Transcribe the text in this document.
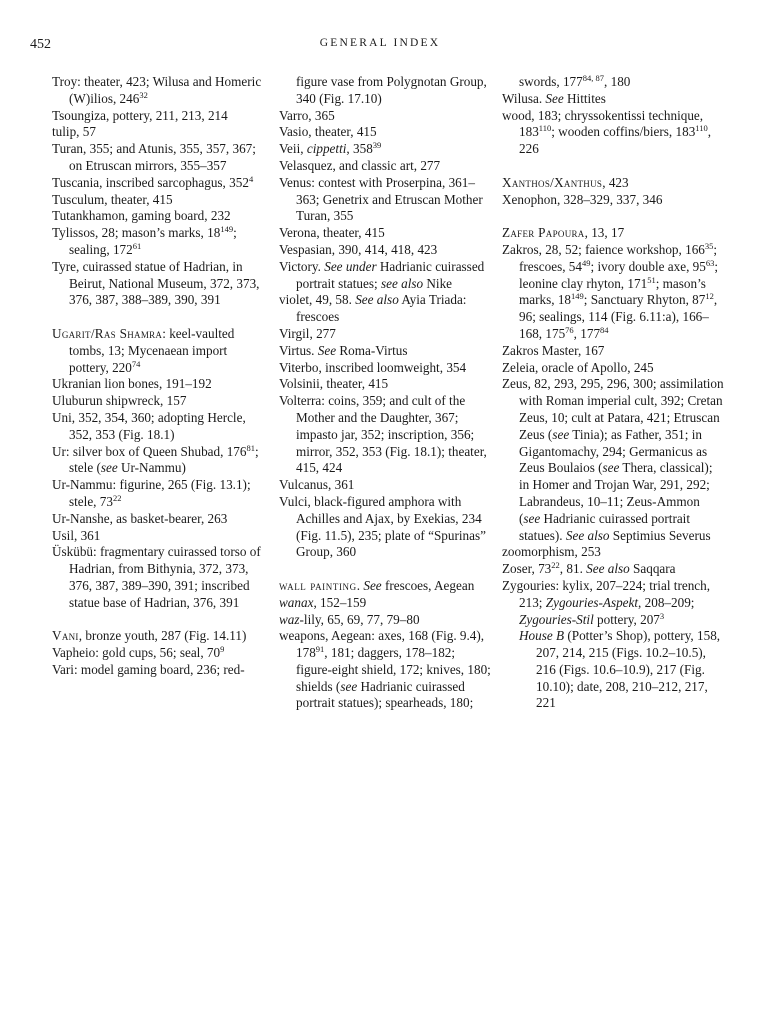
452	GENERAL INDEX

Troy: theater, 423; Wilusa and Homeric (W)ilios, $246^{32}$

Tsoungiza, pottery, 211, 213, 214

tulip, 57

Turan, 355; and Atunis, 355, 357, 367; on Etruscan mirrors, 355–357

Tuscania, inscribed sarcophagus, $352^4$

Tusculum, theater, 415

Tutankhamon, gaming board, 232

Tylissos, 28; mason’s marks, $18^{149}$; sealing, $172^{61}$

Tyre, cuirassed statue of Hadrian, in Beirut, National Museum, 372, 373, 376, 387, 388–389, 390, 391

Ugarit/Ras Shamra: keel-vaulted tombs, 13; Mycenaean import pottery, $220^{74}$

Ukranian lion bones, 191–192

Uluburun shipwreck, 157

Uni, 352, 354, 360; adopting Hercle, 352, 353 (Fig. 18.1)

Ur: silver box of Queen Shubad, $176^{81}$; stele (see Ur-Nammu)

Ur-Nammu: figurine, 265 (Fig. 13.1); stele, $73^{22}$

Ur-Nanshe, as basket-bearer, 263

Usil, 361

Üskübü: fragmentary cuirassed torso of Hadrian, from Bithynia, 372, 373, 376, 387, 389–390, 391; inscribed statue base of Hadrian, 376, 391

Vani, bronze youth, 287 (Fig. 14.11)

Vapheio: gold cups, 56; seal, $70^9$

Vari: model gaming board, 236; red-

figure vase from Polygnotan Group, 340 (Fig. 17.10)

Varro, 365

Vasio, theater, 415

Veii, cippetti, $358^{39}$

Velasquez, and classic art, 277

Venus: contest with Proserpina, 361–363; Genetrix and Etruscan Mother Turan, 355

Verona, theater, 415

Vespasian, 390, 414, 418, 423

Victory. See under Hadrianic cuirassed portrait statues; see also Nike

violet, 49, 58. See also Ayia Triada: frescoes

Virgil, 277

Virtus. See Roma-Virtus

Viterbo, inscribed loomweight, 354

Volsinii, theater, 415

Volterra: coins, 359; and cult of the Mother and the Daughter, 367; impasto jar, 352; inscription, 356; mirror, 352, 353 (Fig. 18.1); theater, 415, 424

Vulcanus, 361

Vulci, black-figured amphora with Achilles and Ajax, by Exekias, 234 (Fig. 11.5), 235; plate of “Spurinas” Group, 360

wall painting. See frescoes, Aegean

wanax, 152–159

waz-lily, 65, 69, 77, 79–80

weapons, Aegean: axes, 168 (Fig. 9.4), $178^{91}$, 181; daggers, 178–182; figure-eight shield, 172; knives, 180; shields (see Hadrianic cuirassed portrait statues); spearheads, 180;

swords, 177$^{84, 87}$, 180

Wilusa. See Hittites

wood, 183; chryssokentissi technique, $183^{110}$; wooden coffins/biers, $183^{110}$, 226

Xanthos/Xanthus, 423

Xenophon, 328–329, 337, 346

Zafer Papoura, 13, 17

Zakros, 28, 52; faience workshop, $166^{35}$; frescoes, $54^{49}$; ivory double axe, $95^{63}$; leonine clay rhyton, $171^{51}$; mason’s marks, $18^{149}$; Sanctuary Rhyton, $87^{12}$, 96; sealings, 114 (Fig. 6.11:a), 166–168, $175^{76}$, $177^{84}$

Zakros Master, 167

Zeleia, oracle of Apollo, 245

Zeus, 82, 293, 295, 296, 300; assimilation with Roman imperial cult, 392; Cretan Zeus, 10; cult at Patara, 421; Etruscan Zeus (see Tinia); as Father, 351; in Gigantomachy, 294; Germanicus as Zeus Boulaios (see Thera, classical); in Homer and Trojan War, 291, 292; Labrandeus, 10–11; Zeus-Ammon (see Hadrianic cuirassed portrait statues). See also Septimius Severus

zoomorphism, 253

Zoser, $73^{22}$, 81. See also Saqqara

Zygouries: kylix, 207–224; trial trench, 213; Zygouries-Aspekt, 208–209; Zygouries-Stil pottery, $207^3$

House B (Potter’s Shop), pottery, 158, 207, 214, 215 (Figs. 10.2–10.5), 216 (Figs. 10.6–10.9), 217 (Fig. 10.10); date, 208, 210–212, 217, 221
